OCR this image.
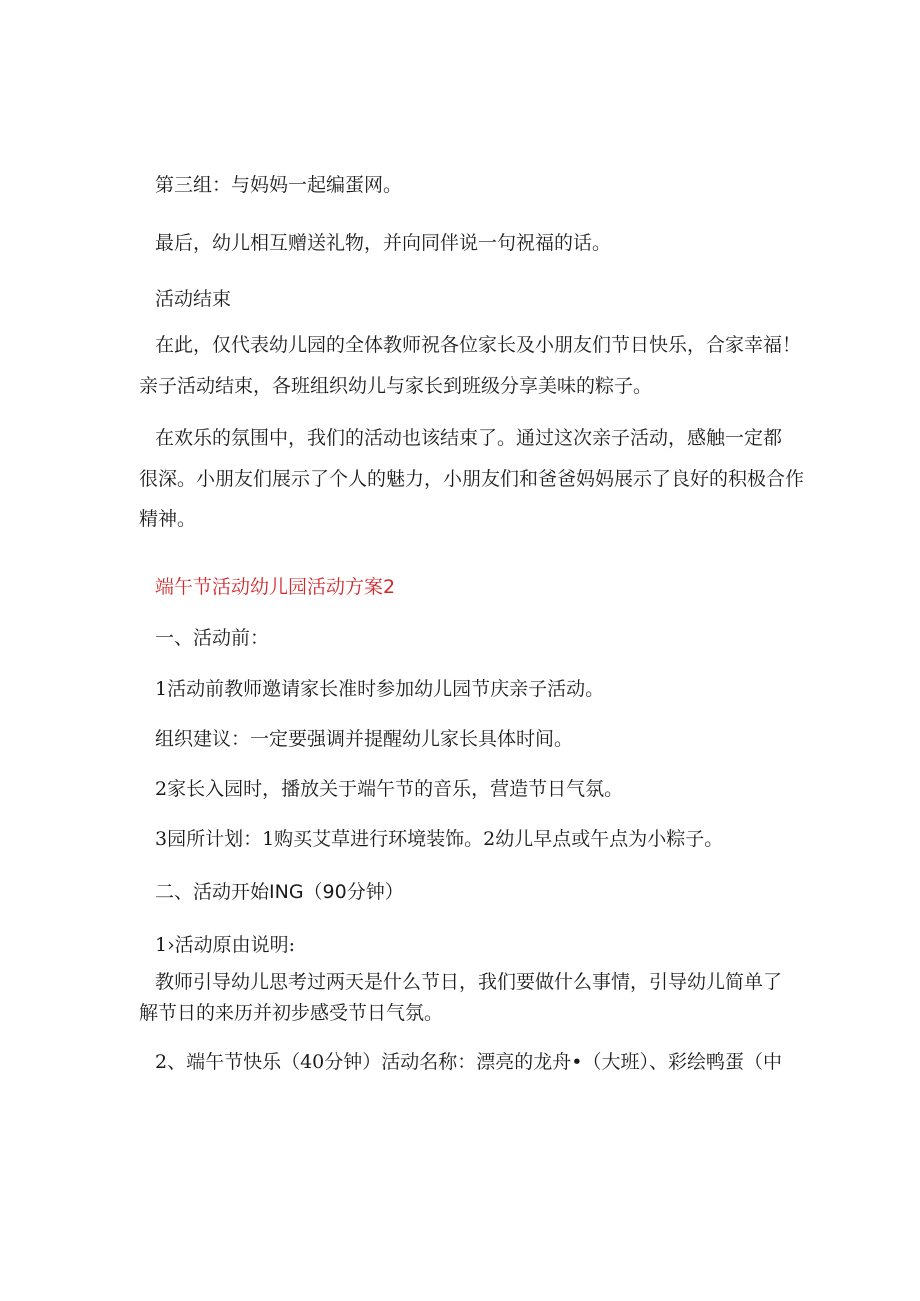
第三组：与妈妈一起编蛋网。

最后，幼儿相互赠送礼物，并向同伴说一句祝福的话。

活动结束

在此，仅代表幼儿园的全体教师祝各位家长及小朋友们节日快乐，合家幸福！

亲子活动结束，各班组织幼儿与家长到班级分享美味的粽子。

在欢乐的氛围中，我们的活动也该结束了。通过这次亲子活动，感触一定都

很深。小朋友们展示了个人的魅力，小朋友们和爸爸妈妈展示了良好的积极合作

精神。

端午节活动幼儿园活动方案2

一、活动前：

1活动前教师邀请家长准时参加幼儿园节庆亲子活动。

组织建议：一定要强调并提醒幼儿家长具体时间。

2家长入园时，播放关于端午节的音乐，营造节日气氛。

3园所计划：1购买艾草进行环境装饰。2幼儿早点或午点为小粽子。

二、活动开始ING（90分钟）

1›活动原由说明:

教师引导幼儿思考过两天是什么节日，我们要做什么事情，引导幼儿简单了

解节日的来历并初步感受节日气氛。

2、端午节快乐（40分钟）活动名称：漂亮的龙舟•（大班）、彩绘鸭蛋（中
